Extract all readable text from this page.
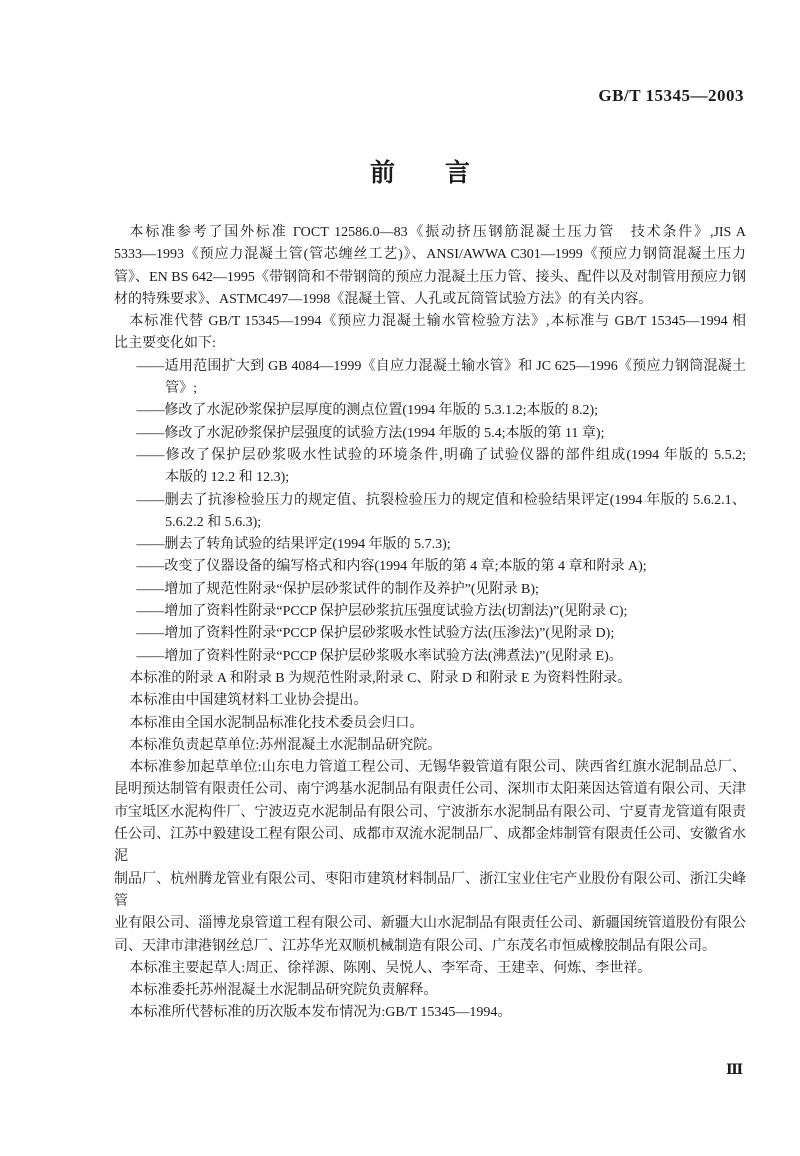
GB/T 15345—2003
前　　言
本标准参考了国外标准 ГОСТ 12586.0—83《振动挤压钢筋混凝土压力管　技术条件》,JIS A
5333—1993《预应力混凝土管(管芯缠丝工艺)》、ANSI/AWWA C301—1999《预应力钢筒混凝土压力
管》、EN BS 642—1995《带钢筒和不带钢筒的预应力混凝土压力管、接头、配件以及对制管用预应力钢
材的特殊要求》、ASTMC497—1998《混凝土管、人孔或瓦筒管试验方法》的有关内容。
本标准代替 GB/T 15345—1994《预应力混凝土输水管检验方法》,本标准与 GB/T 15345—1994 相
比主要变化如下:
——适用范围扩大到 GB 4084—1999《自应力混凝土输水管》和 JC 625—1996《预应力钢筒混凝土
管》;
——修改了水泥砂浆保护层厚度的测点位置(1994 年版的 5.3.1.2;本版的 8.2);
——修改了水泥砂浆保护层强度的试验方法(1994 年版的 5.4;本版的第 11 章);
——修改了保护层砂浆吸水性试验的环境条件,明确了试验仪器的部件组成(1994 年版的 5.5.2;
本版的 12.2 和 12.3);
——删去了抗渗检验压力的规定值、抗裂检验压力的规定值和检验结果评定(1994 年版的 5.6.2.1、
5.6.2.2 和 5.6.3);
——删去了转角试验的结果评定(1994 年版的 5.7.3);
——改变了仪器设备的编写格式和内容(1994 年版的第 4 章;本版的第 4 章和附录 A);
——增加了规范性附录“保护层砂浆试件的制作及养护”(见附录 B);
——增加了资料性附录“PCCP 保护层砂浆抗压强度试验方法(切割法)”(见附录 C);
——增加了资料性附录“PCCP 保护层砂浆吸水性试验方法(压渗法)”(见附录 D);
——增加了资料性附录“PCCP 保护层砂浆吸水率试验方法(沸煮法)”(见附录 E)。
本标准的附录 A 和附录 B 为规范性附录,附录 C、附录 D 和附录 E 为资料性附录。
本标准由中国建筑材料工业协会提出。
本标准由全国水泥制品标准化技术委员会归口。
本标准负责起草单位:苏州混凝土水泥制品研究院。
本标准参加起草单位:山东电力管道工程公司、无锡华毅管道有限公司、陕西省红旗水泥制品总厂、
昆明预达制管有限责任公司、南宁鸿基水泥制品有限责任公司、深圳市太阳莱因达管道有限公司、天津
市宝坻区水泥构件厂、宁波迈克水泥制品有限公司、宁波浙东水泥制品有限公司、宁夏青龙管道有限责
任公司、江苏中毅建设工程有限公司、成都市双流水泥制品厂、成都金炜制管有限责任公司、安徽省水泥
制品厂、杭州腾龙管业有限公司、枣阳市建筑材料制品厂、浙江宝业住宅产业股份有限公司、浙江尖峰管
业有限公司、淄博龙泉管道工程有限公司、新疆大山水泥制品有限责任公司、新疆国统管道股份有限公
司、天津市津港钢丝总厂、江苏华光双顺机械制造有限公司、广东茂名市恒威橡胶制品有限公司。
本标准主要起草人:周正、徐祥源、陈刚、吴悦人、李军奇、王建幸、何炼、李世祥。
本标准委托苏州混凝土水泥制品研究院负责解释。
本标准所代替标准的历次版本发布情况为:GB/T 15345—1994。
Ⅲ
